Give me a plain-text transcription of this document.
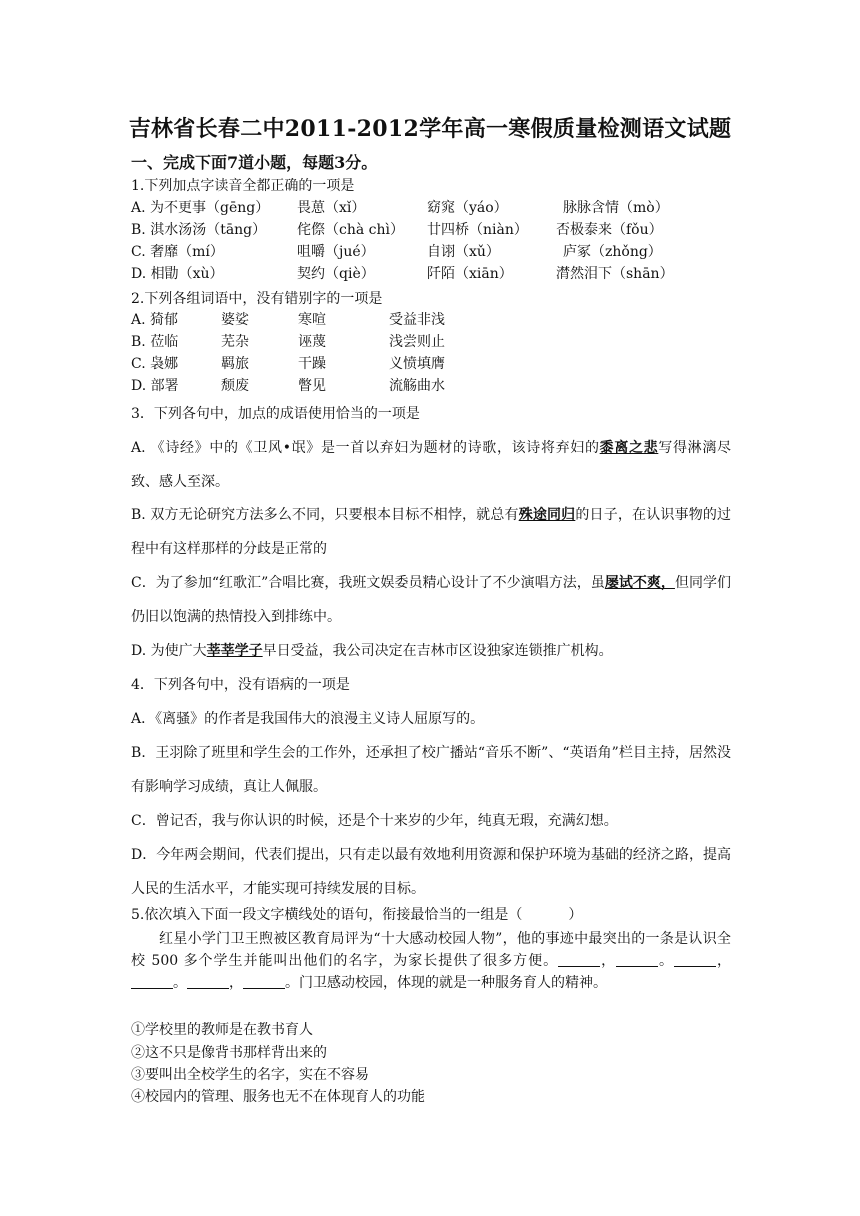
吉林省长春二中2011-2012学年高一寒假质量检测语文试题
一、完成下面7道小题，每题3分。
1.下列加点字读音全都正确的一项是
A. 为不更事（gēng） 畏葸（xǐ）	窈窕（yáo）	脉脉含情（mò）
B. 淇水汤汤（tāng） 侘傺（chà chì） 廿四桥（niàn） 否极泰来（fǒu）
C. 奢靡（mí）	咀嚼（jué）	自诩（xǔ）	庐冢（zhǒng）
D. 相勖（xù）	契约（qiè）	阡陌（xiān）	潸然泪下（shān）
2.下列各组词语中，没有错别字的一项是
A. 猗郁	婆娑	寒喧	受益非浅
B. 莅临	芜杂	诬蔑	浅尝则止
C. 袅娜	羁旅	干躁	义愤填膺
D. 部署	颓废	瞥见	流觞曲水
3．下列各句中，加点的成语使用恰当的一项是
A. 《诗经》中的《卫风•氓》是一首以弃妇为题材的诗歌，该诗将弃妇的黍离之悲写得淋漓尽致、感人至深。
B. 双方无论研究方法多么不同，只要根本目标不相悖，就总有殊途同归的日子，在认识事物的过程中有这样那样的分歧是正常的
C．为了参加“红歌汇”合唱比赛，我班文娱委员精心设计了不少演唱方法，虽屡试不爽，但同学们仍旧以饱满的热情投入到排练中。
D. 为使广大莘莘学子早日受益，我公司决定在吉林市区设独家连锁推广机构。
4．下列各句中，没有语病的一项是
A．《离骚》的作者是我国伟大的浪漫主义诗人屈原写的。
B．王羽除了班里和学生会的工作外，还承担了校广播站“音乐不断”、“英语角”栏目主持，居然没有影响学习成绩，真让人佩服。
C．曾记否，我与你认识的时候，还是个十来岁的少年，纯真无瑕，充满幻想。
D．今年两会期间，代表们提出，只有走以最有效地利用资源和保护环境为基础的经济之路，提高人民的生活水平，才能实现可持续发展的目标。
5.依次填入下面一段文字横线处的语句，衔接最恰当的一组是（	）
红星小学门卫王煦被区教育局评为“十大感动校园人物”，他的事迹中最突出的一条是认识全校 500 多个学生并能叫出他们的名字，为家长提供了很多方便。	，	。	，。	，	。门卫感动校园，体现的就是一种服务育人的精神。
①学校里的教师是在教书育人
②这不只是像背书那样背出来的
③要叫出全校学生的名字，实在不容易
④校园内的管理、服务也无不在体现育人的功能
